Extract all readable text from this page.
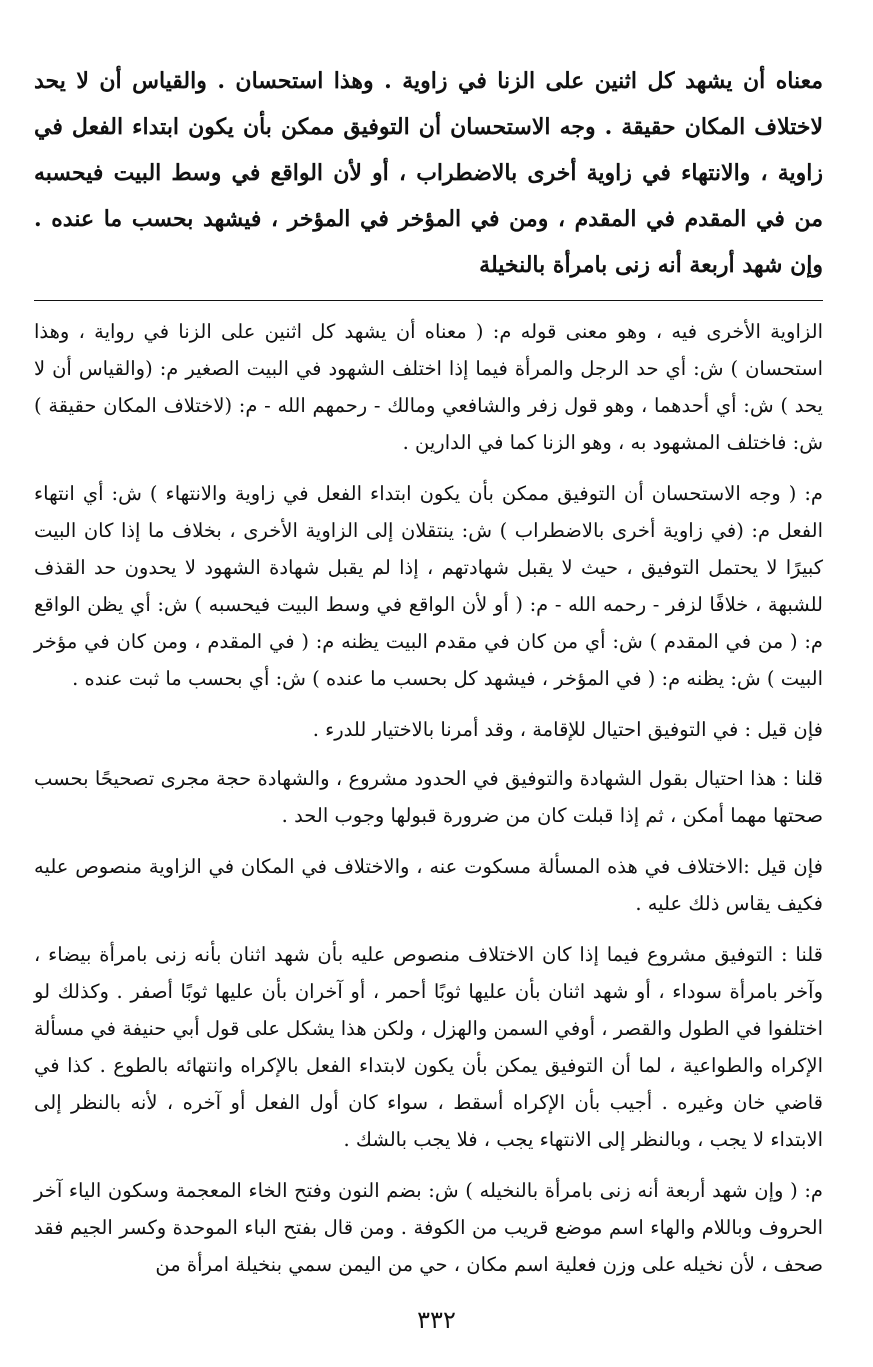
معناه أن يشهد كل اثنين على الزنا في زاوية . وهذا استحسان . والقياس أن لا يحد لاختلاف المكان حقيقة . وجه الاستحسان أن التوفيق ممكن بأن يكون ابتداء الفعل في زاوية ، والانتهاء في زاوية أخرى بالاضطراب ، أو لأن الواقع في وسط البيت فيحسبه من في المقدم في المقدم ، ومن في المؤخر في المؤخر ، فيشهد بحسب ما عنده . وإن شهد أربعة أنه زنى بامرأة بالنخيلة

الزاوية الأخرى فيه ، وهو معنى قوله م: ( معناه أن يشهد كل اثنين على الزنا في رواية ، وهذا استحسان ) ش: أي حد الرجل والمرأة فيما إذا اختلف الشهود في البيت الصغير م: (والقياس أن لا يحد ) ش: أي أحدهما ، وهو قول زفر والشافعي ومالك - رحمهم الله - م: (لاختلاف المكان حقيقة ) ش: فاختلف المشهود به ، وهو الزنا كما في الدارين .

م: ( وجه الاستحسان أن التوفيق ممكن بأن يكون ابتداء الفعل في زاوية والانتهاء ) ش: أي انتهاء الفعل م: (في زاوية أخرى بالاضطراب ) ش: ينتقلان إلى الزاوية الأخرى ، بخلاف ما إذا كان البيت كبيرًا لا يحتمل التوفيق ، حيث لا يقبل شهادتهم ، إذا لم يقبل شهادة الشهود لا يحدون حد القذف للشبهة ، خلافًا لزفر - رحمه الله - م: ( أو لأن الواقع في وسط البيت فيحسبه ) ش: أي يظن الواقع م: ( من في المقدم ) ش: أي من كان في مقدم البيت يظنه م: ( في المقدم ، ومن كان في مؤخر البيت ) ش: يظنه م: ( في المؤخر ، فيشهد كل بحسب ما عنده ) ش: أي بحسب ما ثبت عنده .

فإن قيل : في التوفيق احتيال للإقامة ، وقد أمرنا بالاختيار للدرء .

قلنا : هذا احتيال بقول الشهادة والتوفيق في الحدود مشروع ، والشهادة حجة مجرى تصحيحًا بحسب صحتها مهما أمكن ، ثم إذا قبلت كان من ضرورة قبولها وجوب الحد .

فإن قيل :الاختلاف في هذه المسألة مسكوت عنه ، والاختلاف في المكان في الزاوية منصوص عليه فكيف يقاس ذلك عليه .

قلنا : التوفيق مشروع فيما إذا كان الاختلاف منصوص عليه بأن شهد اثنان بأنه زنى بامرأة بيضاء ، وآخر بامرأة سوداء ، أو شهد اثنان بأن عليها ثوبًا أحمر ، أو آخران بأن عليها ثوبًا أصفر . وكذلك لو اختلفوا في الطول والقصر ، أوفي السمن والهزل ، ولكن هذا يشكل على قول أبي حنيفة في مسألة الإكراه والطواعية ، لما أن التوفيق يمكن بأن يكون لابتداء الفعل بالإكراه وانتهائه بالطوع . كذا في قاضي خان وغيره . أجيب بأن الإكراه أسقط ، سواء كان أول الفعل أو آخره ، لأنه بالنظر إلى الابتداء لا يجب ، وبالنظر إلى الانتهاء يجب ، فلا يجب بالشك .

م: ( وإن شهد أربعة أنه زنى بامرأة بالنخيله ) ش: بضم النون وفتح الخاء المعجمة وسكون الياء آخر الحروف وباللام والهاء اسم موضع قريب من الكوفة . ومن قال بفتح الباء الموحدة وكسر الجيم فقد صحف ، لأن نخيله على وزن فعلية اسم مكان ، حي من اليمن سمي بنخيلة امرأة من

٣٣٢
